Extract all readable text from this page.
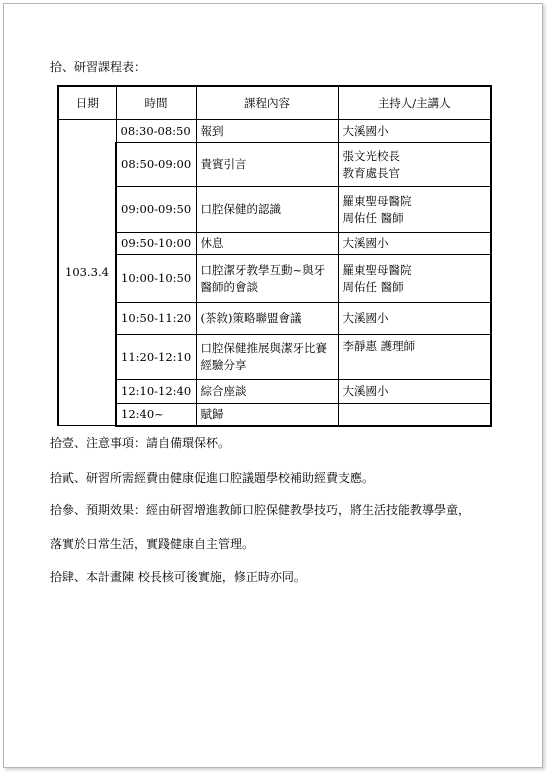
拾、研習課程表：
日期	時間	課程內容	主持人/主講人
103.3.4	08:30-08:50	報到	大溪國小

	08:50-09:00	貴賓引言	張文光校長
教育處長官

	09:00-09:50	口腔保健的認識	羅東聖母醫院
周佑任 醫師

	09:50-10:00	休息	大溪國小

	10:00-10:50	口腔潔牙教學互動~與牙醫師的會談	羅東聖母醫院
周佑任 醫師

	10:50-11:20	(茶敘)策略聯盟會議	大溪國小

	11:20-12:10	口腔保健推展與潔牙比賽經驗分享	李靜惠 護理師

	12:10-12:40	綜合座談	大溪國小

	12:40~	賦歸	
拾壹、注意事項：請自備環保杯。
拾貳、研習所需經費由健康促進口腔議題學校補助經費支應。
拾參、預期效果：經由研習增進教師口腔保健教學技巧，將生活技能教導學童，
落實於日常生活，實踐健康自主管理。
拾肆、本計畫陳 校長核可後實施，修正時亦同。
